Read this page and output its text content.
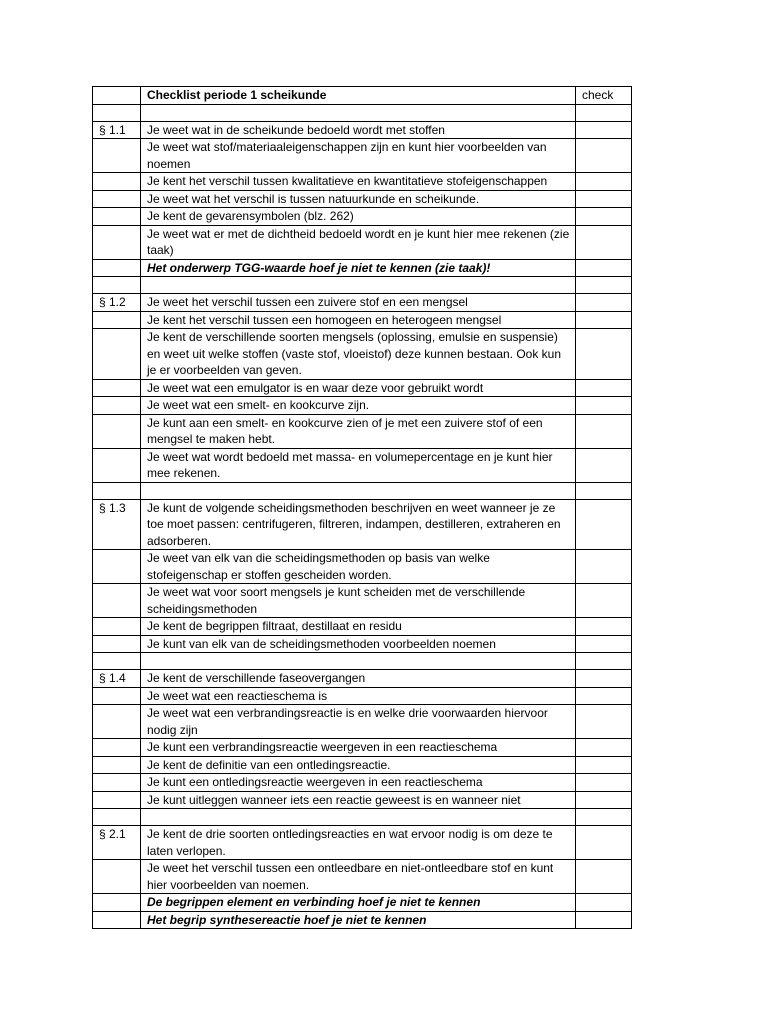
	Checklist periode 1 scheikunde	check

§ 1.1	Je weet wat in de scheikunde bedoeld wordt met stoffen	
	Je weet wat stof/materiaaleigenschappen zijn en kunt hier voorbeelden van noemen	
	Je kent het verschil tussen kwalitatieve en kwantitatieve stofeigenschappen	
	Je weet wat het verschil is tussen natuurkunde en scheikunde.	
	Je kent de gevarensymbolen (blz. 262)	
	Je weet wat er met de dichtheid bedoeld wordt en je kunt hier mee rekenen (zie taak)	
	Het onderwerp TGG-waarde hoef je niet te kennen (zie taak)!	

§ 1.2	Je weet het verschil tussen een zuivere stof en een mengsel	
	Je kent het verschil tussen een homogeen en heterogeen mengsel	
	Je kent de verschillende soorten mengsels (oplossing, emulsie en suspensie) en weet uit welke stoffen (vaste stof, vloeistof) deze kunnen bestaan. Ook kun je er voorbeelden van geven.	
	Je weet wat een emulgator is en waar deze voor gebruikt wordt	
	Je weet wat een smelt- en kookcurve zijn.	
	Je kunt aan een smelt- en kookcurve zien of je met een zuivere stof of een mengsel te maken hebt.	
	Je weet wat wordt bedoeld met massa- en volumepercentage en je kunt hier mee rekenen.	

§ 1.3	Je kunt de volgende scheidingsmethoden beschrijven en weet wanneer je ze toe moet passen: centrifugeren, filtreren, indampen, destilleren, extraheren en adsorberen.	
	Je weet van elk van die scheidingsmethoden op basis van welke stofeigenschap er stoffen gescheiden worden.	
	Je weet wat voor soort mengsels je kunt scheiden met de verschillende scheidingsmethoden	
	Je kent de begrippen filtraat, destillaat en residu	
	Je kunt van elk van de scheidingsmethoden voorbeelden noemen	

§ 1.4	Je kent de verschillende faseovergangen	
	Je weet wat een reactieschema is	
	Je weet wat een verbrandingsreactie is en welke drie voorwaarden hiervoor nodig zijn	
	Je kunt een verbrandingsreactie weergeven in een reactieschema	
	Je kent de definitie van een ontledingsreactie.	
	Je kunt een ontledingsreactie weergeven in een reactieschema	
	Je kunt uitleggen wanneer iets een reactie geweest is en wanneer niet	

§ 2.1	Je kent de drie soorten ontledingsreacties en wat ervoor nodig is om deze te laten verlopen.	
	Je weet het verschil tussen een ontleedbare en niet-ontleedbare stof en kunt hier voorbeelden van noemen.	
	De begrippen element en verbinding hoef je niet te kennen	
	Het begrip synthesereactie hoef je niet te kennen	
